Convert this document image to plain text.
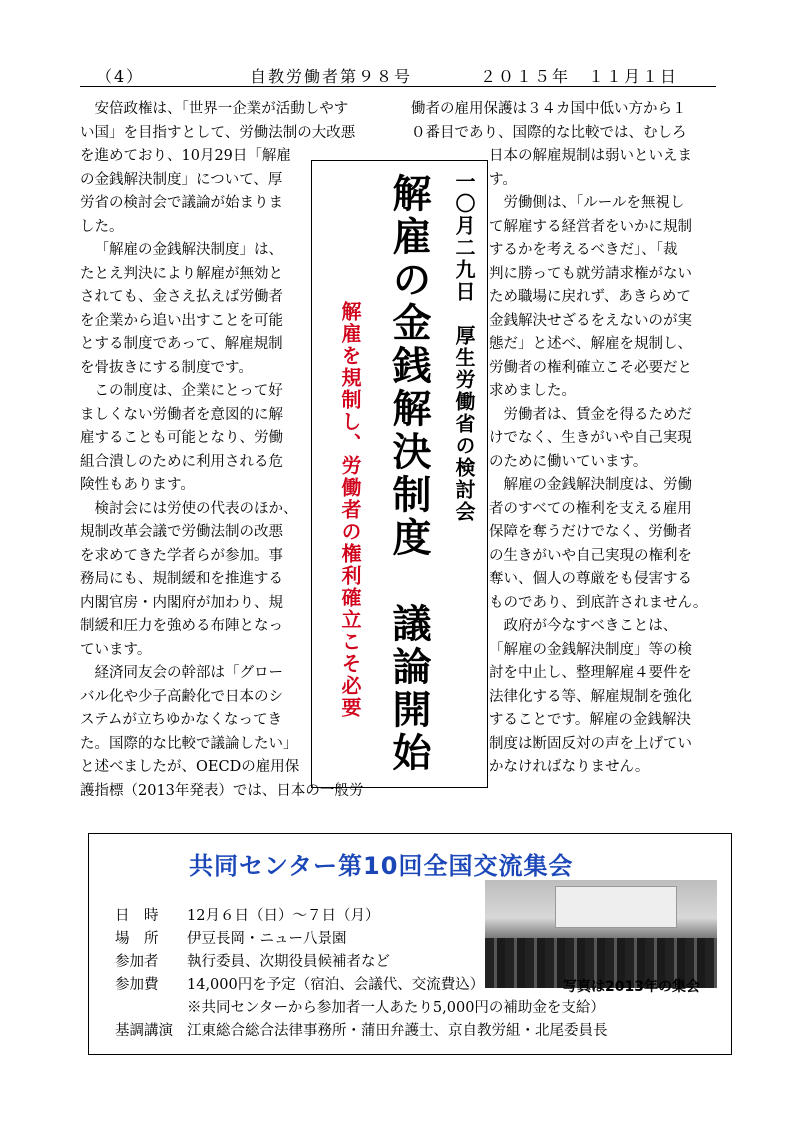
（4）	自教労働者第９８号	２０１５年　１１月１日

安倍政権は、「世界一企業が活動しやす
い国」を目指すとして、労働法制の大改悪
を進めており、10月29日「解雇
の金銭解決制度」について、厚
労省の検討会で議論が始まりま
した。

「解雇の金銭解決制度」は、
たとえ判決により解雇が無効と
されても、金さえ払えば労働者
を企業から追い出すことを可能
とする制度であって、解雇規制
を骨抜きにする制度です。

この制度は、企業にとって好
ましくない労働者を意図的に解
雇することも可能となり、労働
組合潰しのために利用される危
険性もあります。

検討会には労使の代表のほか、
規制改革会議で労働法制の改悪
を求めてきた学者らが参加。事
務局にも、規制緩和を推進する
内閣官房・内閣府が加わり、規
制緩和圧力を強める布陣となっ
ています。

経済同友会の幹部は「グロー
バル化や少子高齢化で日本のシ
ステムが立ちゆかなくなってき
た。国際的な比較で議論したい」
と述べましたが、OECDの雇用保
護指標（2013年発表）では、日本の一般労

働者の雇用保護は３４カ国中低い方から１
０番目であり、国際的な比較では、むしろ
日本の解雇規制は弱いといえま
す。

労働側は、「ルールを無視し
て解雇する経営者をいかに規制
するかを考えるべきだ」、「裁
判に勝っても就労請求権がない
ため職場に戻れず、あきらめて
金銭解決せざるをえないのが実
態だ」と述べ、解雇を規制し、
労働者の権利確立こそ必要だと
求めました。

労働者は、賃金を得るためだ
けでなく、生きがいや自己実現
のために働いています。

解雇の金銭解決制度は、労働
者のすべての権利を支える雇用
保障を奪うだけでなく、労働者
の生きがいや自己実現の権利を
奪い、個人の尊厳をも侵害する
ものであり、到底許されません。

政府が今なすべきことは、
「解雇の金銭解決制度」等の検
討を中止し、整理解雇４要件を
法律化する等、解雇規制を強化
することです。解雇の金銭解決
制度は断固反対の声を上げてい
かなければなりません。

一〇月二九日　厚生労働省の検討会
解雇の金銭解決制度　議論開始
解雇を規制し、労働者の権利確立こそ必要
共同センター第10回全国交流集会
日　時 12月６日（日）～７日（月）
場　所 伊豆長岡・ニュー八景園
参加者 執行委員、次期役員候補者など
参加費 14,000円を予定（宿泊、会議代、交流費込）
※共同センターから参加者一人あたり5,000円の補助金を支給）
基調講演 江東総合総合法律事務所・蒲田弁護士、京自教労組・北尾委員長
写真は2013年の集会
